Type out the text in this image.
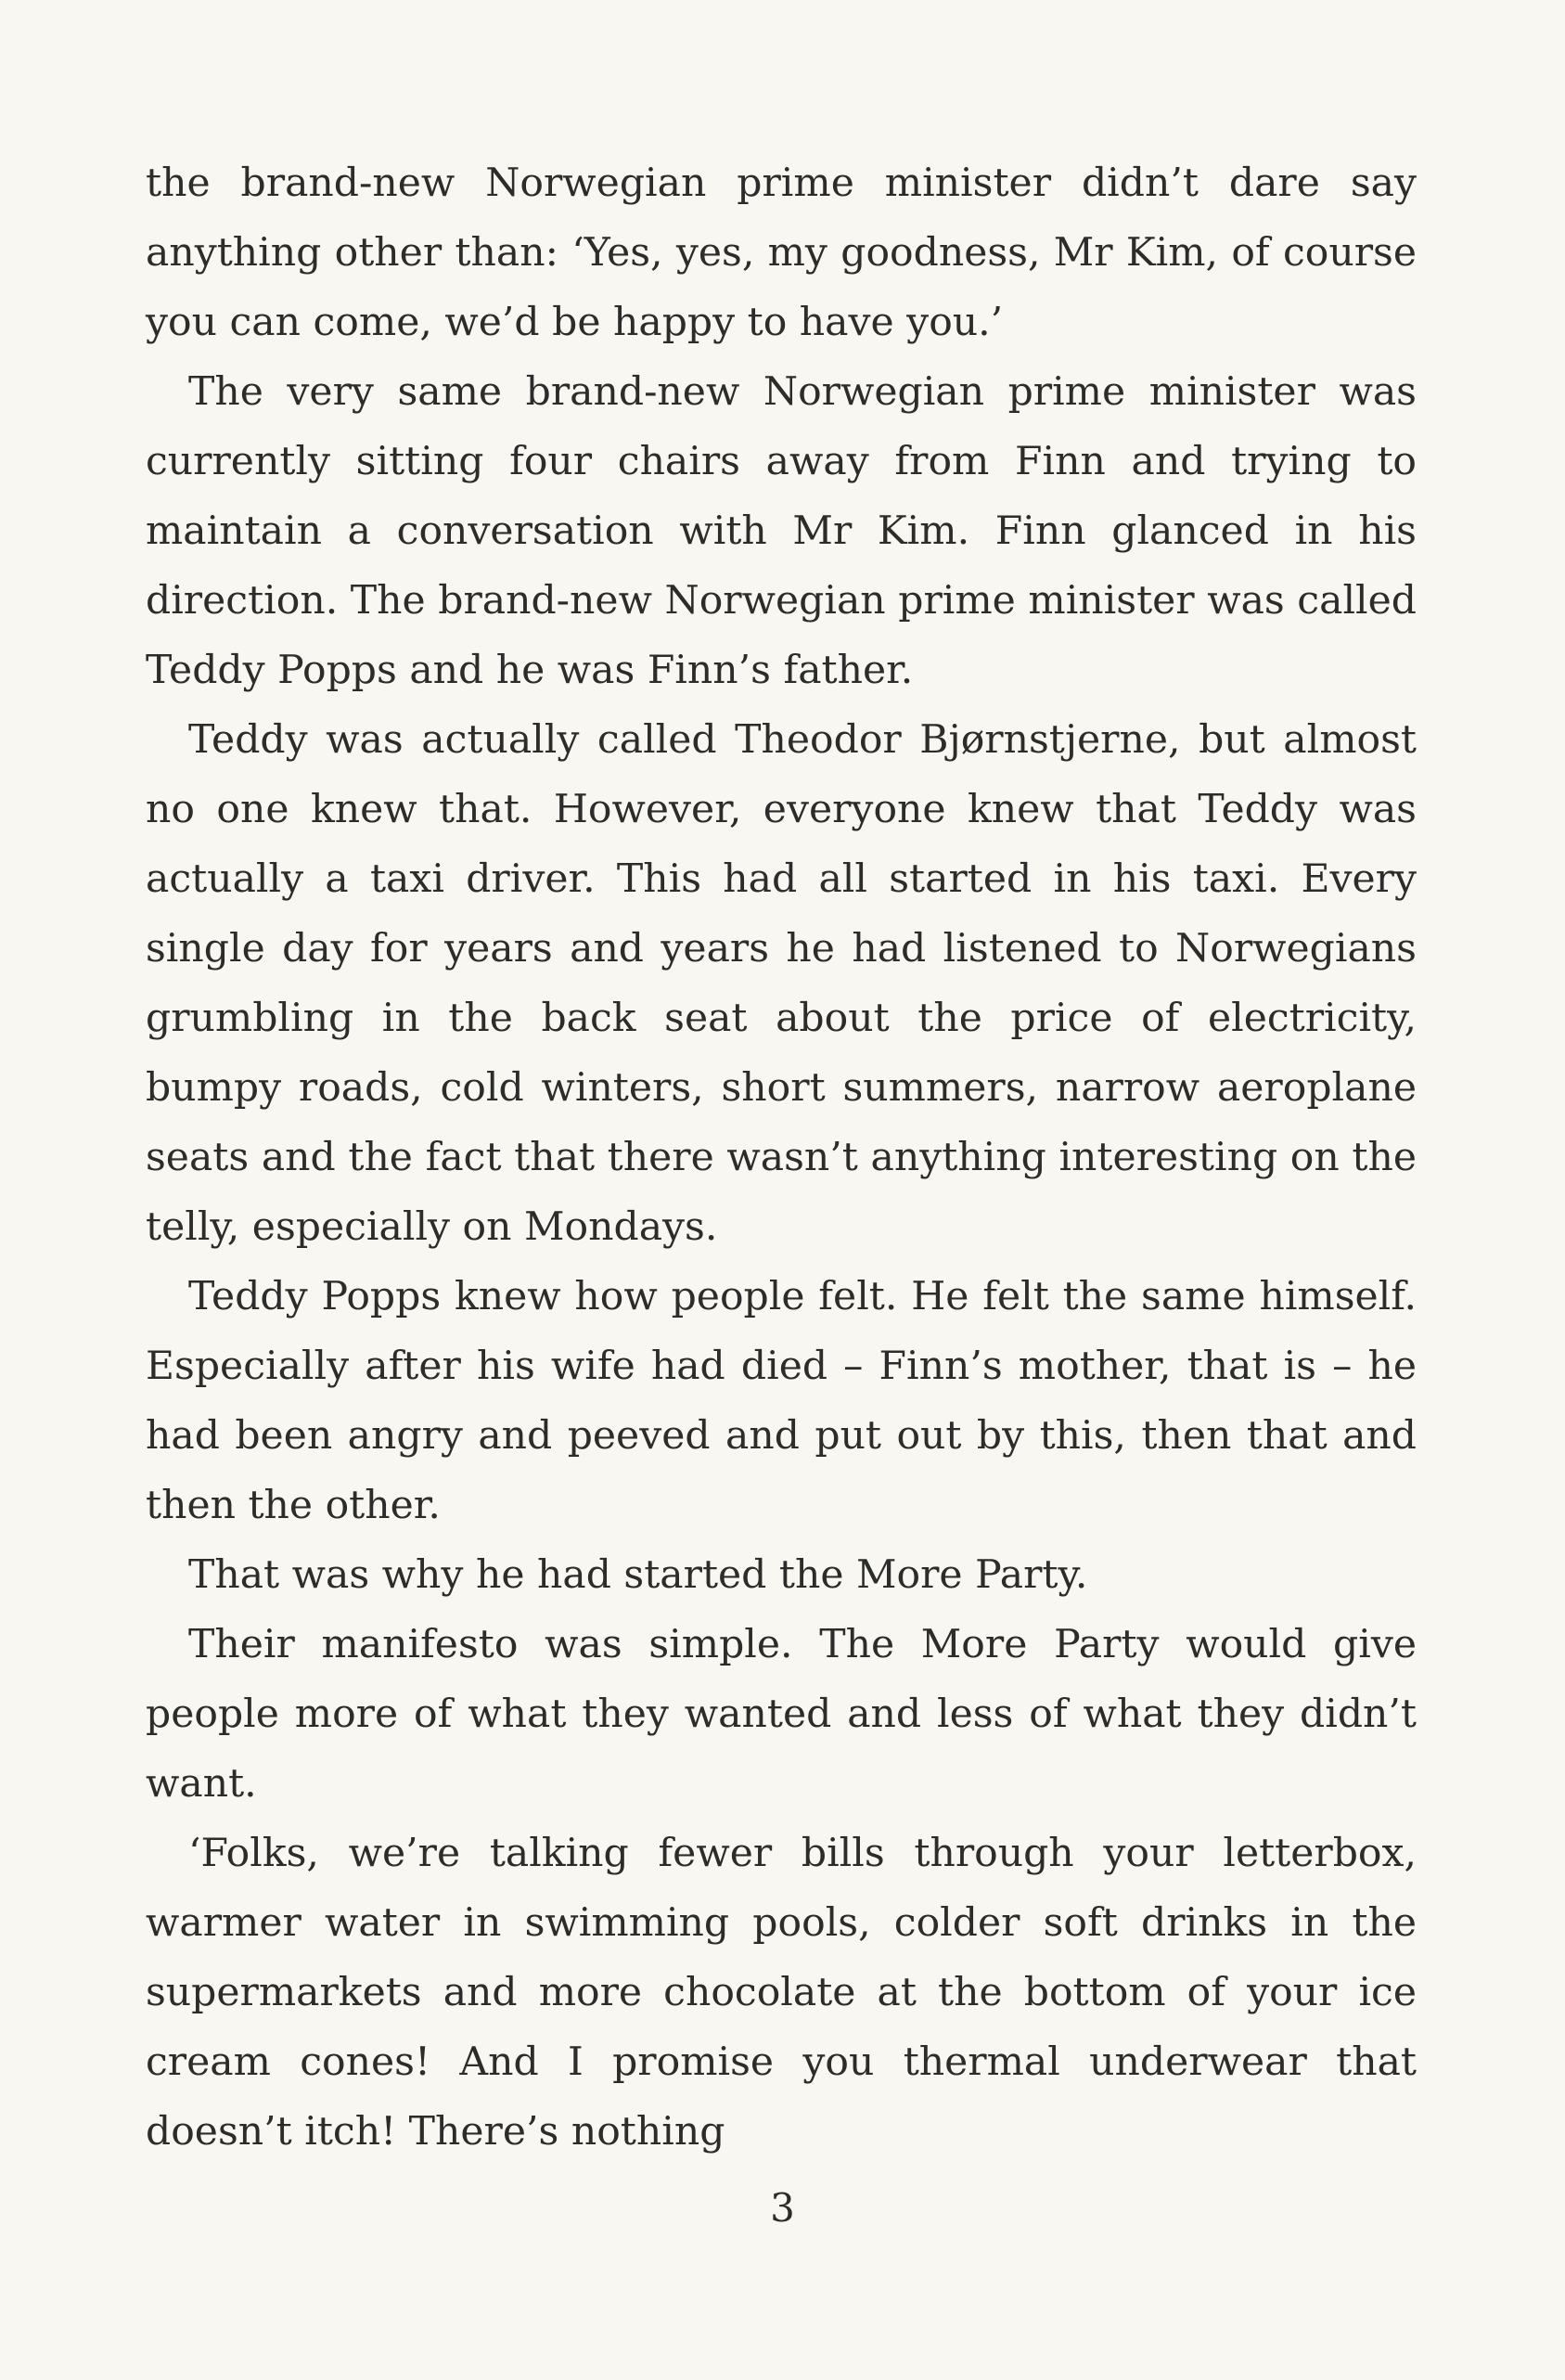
the brand-new Norwegian prime minister didn’t dare say anything other than: ‘Yes, yes, my goodness, Mr Kim, of course you can come, we’d be happy to have you.’

The very same brand-new Norwegian prime minister was currently sitting four chairs away from Finn and trying to maintain a conversation with Mr Kim. Finn glanced in his direction. The brand-new Norwegian prime minister was called Teddy Popps and he was Finn’s father.

Teddy was actually called Theodor Bjørnstjerne, but almost no one knew that. However, everyone knew that Teddy was actually a taxi driver. This had all started in his taxi. Every single day for years and years he had listened to Norwegians grumbling in the back seat about the price of electricity, bumpy roads, cold winters, short summers, narrow aeroplane seats and the fact that there wasn’t anything interesting on the telly, especially on Mondays.

Teddy Popps knew how people felt. He felt the same himself. Especially after his wife had died – Finn’s mother, that is – he had been angry and peeved and put out by this, then that and then the other.

That was why he had started the More Party.

Their manifesto was simple. The More Party would give people more of what they wanted and less of what they didn’t want.

‘Folks, we’re talking fewer bills through your letterbox, warmer water in swimming pools, colder soft drinks in the supermarkets and more chocolate at the bottom of your ice cream cones! And I promise you thermal underwear that doesn’t itch! There’s nothing

3
